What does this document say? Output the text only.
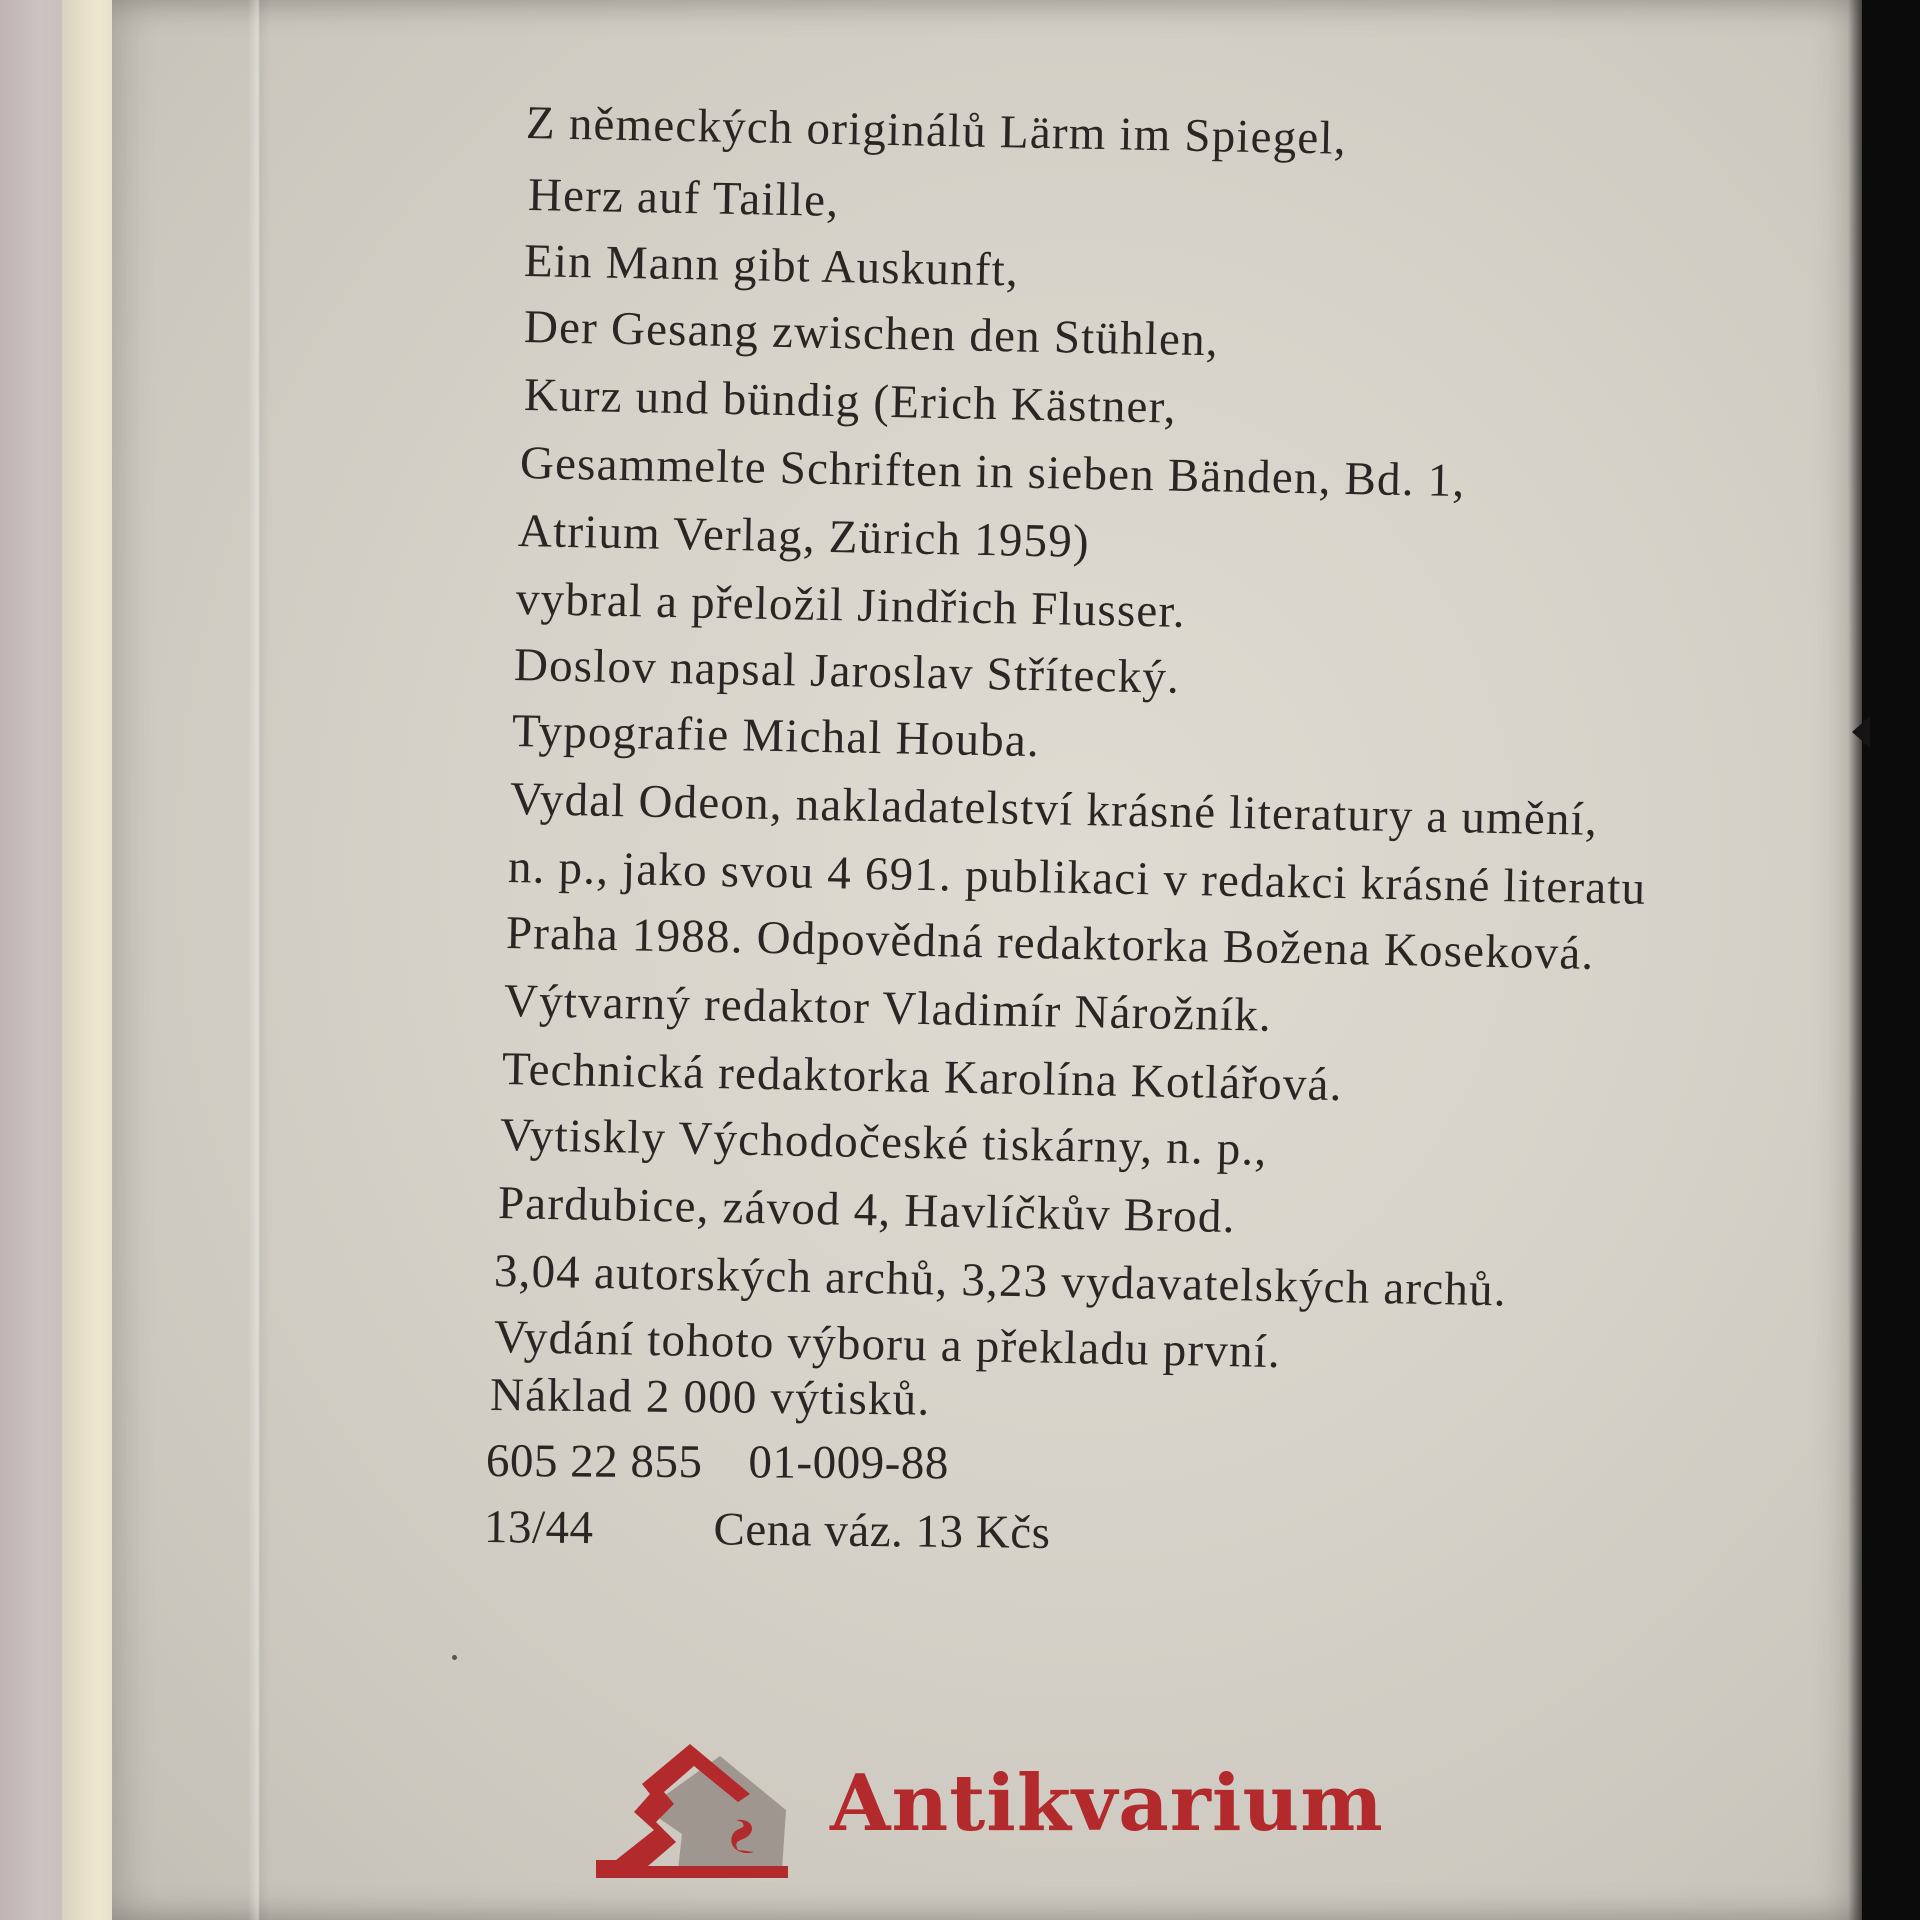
Z německých originálů Lärm im Spiegel,
Herz auf Taille,
Ein Mann gibt Auskunft,
Der Gesang zwischen den Stühlen,
Kurz und bündig (Erich Kästner,
Gesammelte Schriften in sieben Bänden, Bd. 1,
Atrium Verlag, Zürich 1959)
vybral a přeložil Jindřich Flusser.
Doslov napsal Jaroslav Střítecký.
Typografie Michal Houba.
Vydal Odeon, nakladatelství krásné literatury a umění,
n. p., jako svou 4 691. publikaci v redakci krásné literatu
Praha 1988. Odpovědná redaktorka Božena Koseková.
Výtvarný redaktor Vladimír Nárožník.
Technická redaktorka Karolína Kotlářová.
Vytiskly Východočeské tiskárny, n. p.,
Pardubice, závod 4, Havlíčkův Brod.
3,04 autorských archů, 3,23 vydavatelských archů.
Vydání tohoto výboru a překladu první.
Náklad 2 000 výtisků.
605 22 855 01-009-88
13/44	Cena váz. 13 Kčs
Antikvarium
